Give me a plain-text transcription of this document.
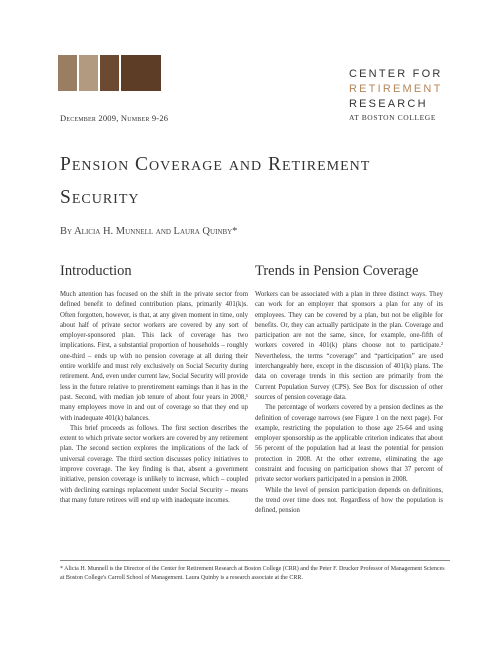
CENTER FOR
RETIREMENT
RESEARCH
AT BOSTON COLLEGE
December 2009, Number 9-26
Pension Coverage and Retirement
Security
By Alicia H. Munnell and Laura Quinby*
Introduction

Much attention has focused on the shift in the private sector from defined benefit to defined contribution plans, primarily 401(k)s. Often forgotten, however, is that, at any given moment in time, only about half of private sector workers are covered by any sort of employer-sponsored plan. This lack of coverage has two implications. First, a substantial proportion of households – roughly one-third – ends up with no pension coverage at all during their entire worklife and must rely exclusively on Social Security during retirement. And, even under current law, Social Security will provide less in the future relative to preretirement earnings than it has in the past. Second, with median job tenure of about four years in 2008,¹ many employees move in and out of coverage so that they end up with inadequate 401(k) balances.

This brief proceeds as follows. The first section describes the extent to which private sector workers are covered by any retirement plan. The second section explores the implications of the lack of universal coverage. The third section discusses policy initiatives to improve coverage. The key finding is that, absent a government initiative, pension coverage is unlikely to increase, which – coupled with declining earnings replacement under Social Security – means that many future retirees will end up with inadequate incomes.

Trends in Pension Coverage

Workers can be associated with a plan in three distinct ways. They can work for an employer that sponsors a plan for any of its employees. They can be covered by a plan, but not be eligible for benefits. Or, they can actually participate in the plan. Coverage and participation are not the same, since, for example, one-fifth of workers covered in 401(k) plans choose not to participate.² Nevertheless, the terms “coverage” and “participation” are used interchangeably here, except in the discussion of 401(k) plans. The data on coverage trends in this section are primarily from the Current Population Survey (CPS). See Box for discussion of other sources of pension coverage data.

The percentage of workers covered by a pension declines as the definition of coverage narrows (see Figure 1 on the next page). For example, restricting the population to those age 25-64 and using employer sponsorship as the applicable criterion indicates that about 56 percent of the population had at least the potential for pension protection in 2008. At the other extreme, eliminating the age constraint and focusing on participation shows that 37 percent of private sector workers participated in a pension in 2008.

While the level of pension participation depends on definitions, the trend over time does not. Regardless of how the population is defined, pension

* Alicia H. Munnell is the Director of the Center for Retirement Research at Boston College (CRR) and the Peter F. Drucker Professor of Management Sciences at Boston College's Carroll School of Management. Laura Quinby is a research associate at the CRR.
